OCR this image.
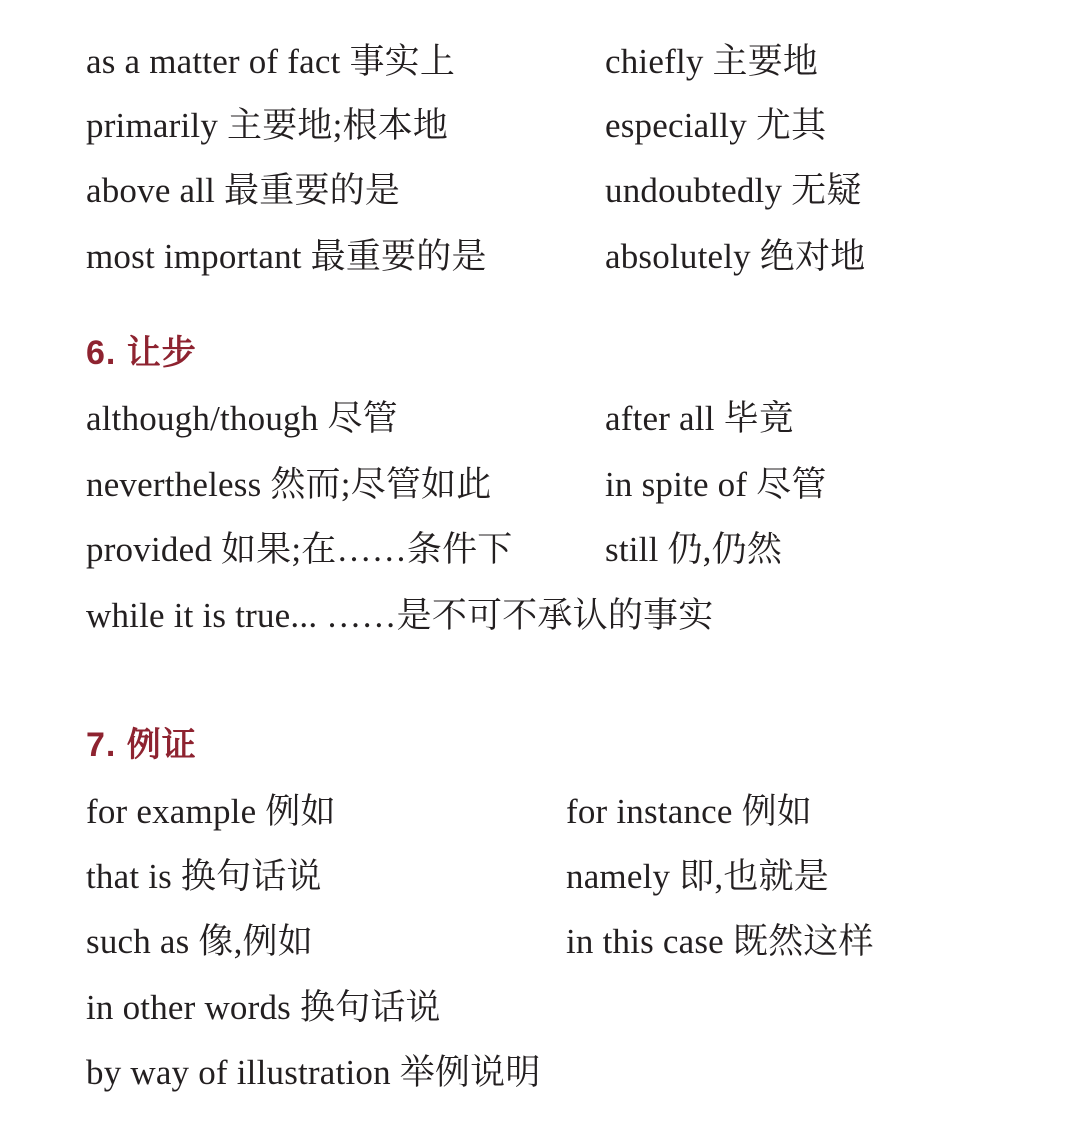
as a matter of fact 事实上	chiefly 主要地
primarily 主要地;根本地	especially 尤其
above all 最重要的是	undoubtedly 无疑
most important 最重要的是	absolutely 绝对地
6. 让步
although/though 尽管	after all 毕竟
nevertheless 然而;尽管如此	in spite of 尽管
provided 如果;在……条件下	still 仍,仍然
while it is true... ……是不可不承认的事实
7. 例证
for example 例如	for instance 例如
that is 换句话说	namely 即,也就是
such as 像,例如	in this case 既然这样
in other words 换句话说
by way of illustration 举例说明
